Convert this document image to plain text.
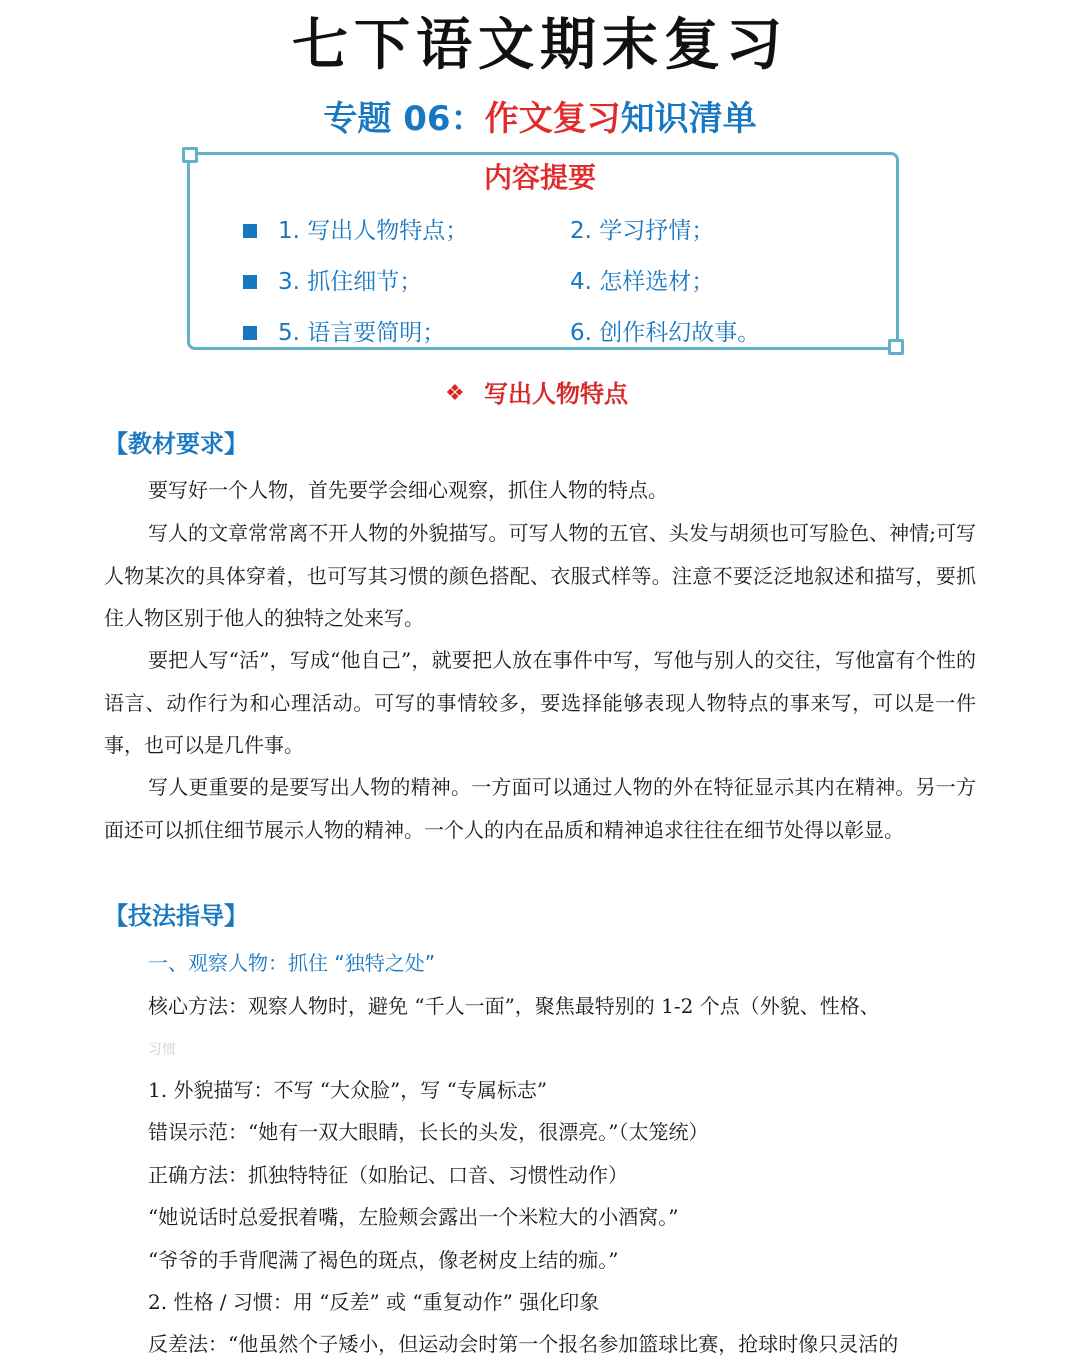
七下语文期末复习
专题 06：作文复习知识清单
内容提要
1. 写出人物特点；	2. 学习抒情；
3. 抓住细节；	4. 怎样选材；
5. 语言要简明；	6. 创作科幻故事。
❖ 写出人物特点
【教材要求】
要写好一个人物，首先要学会细心观察，抓住人物的特点。
写人的文章常常离不开人物的外貌描写。可写人物的五官、头发与胡须也可写脸色、神情;可写人物某次的具体穿着，也可写其习惯的颜色搭配、衣服式样等。注意不要泛泛地叙述和描写，要抓住人物区别于他人的独特之处来写。
要把人写“活”，写成“他自己”，就要把人放在事件中写，写他与别人的交往，写他富有个性的语言、动作行为和心理活动。可写的事情较多，要选择能够表现人物特点的事来写，可以是一件事，也可以是几件事。
写人更重要的是要写出人物的精神。一方面可以通过人物的外在特征显示其内在精神。另一方面还可以抓住细节展示人物的精神。一个人的内在品质和精神追求往往在细节处得以彰显。
【技法指导】
一、观察人物：抓住 “独特之处”
核心方法：观察人物时，避免 “千人一面”，聚焦最特别的 1-2 个点（外貌、性格、
习惯
1. 外貌描写：不写 “大众脸”，写 “专属标志”
错误示范：“她有一双大眼睛，长长的头发，很漂亮。”（太笼统）
正确方法：抓独特特征（如胎记、口音、习惯性动作）
“她说话时总爱抿着嘴，左脸颊会露出一个米粒大的小酒窝。”
“爷爷的手背爬满了褐色的斑点，像老树皮上结的痂。”
2. 性格 / 习惯：用 “反差” 或 “重复动作” 强化印象
反差法：“他虽然个子矮小，但运动会时第一个报名参加篮球比赛，抢球时像只灵活的
